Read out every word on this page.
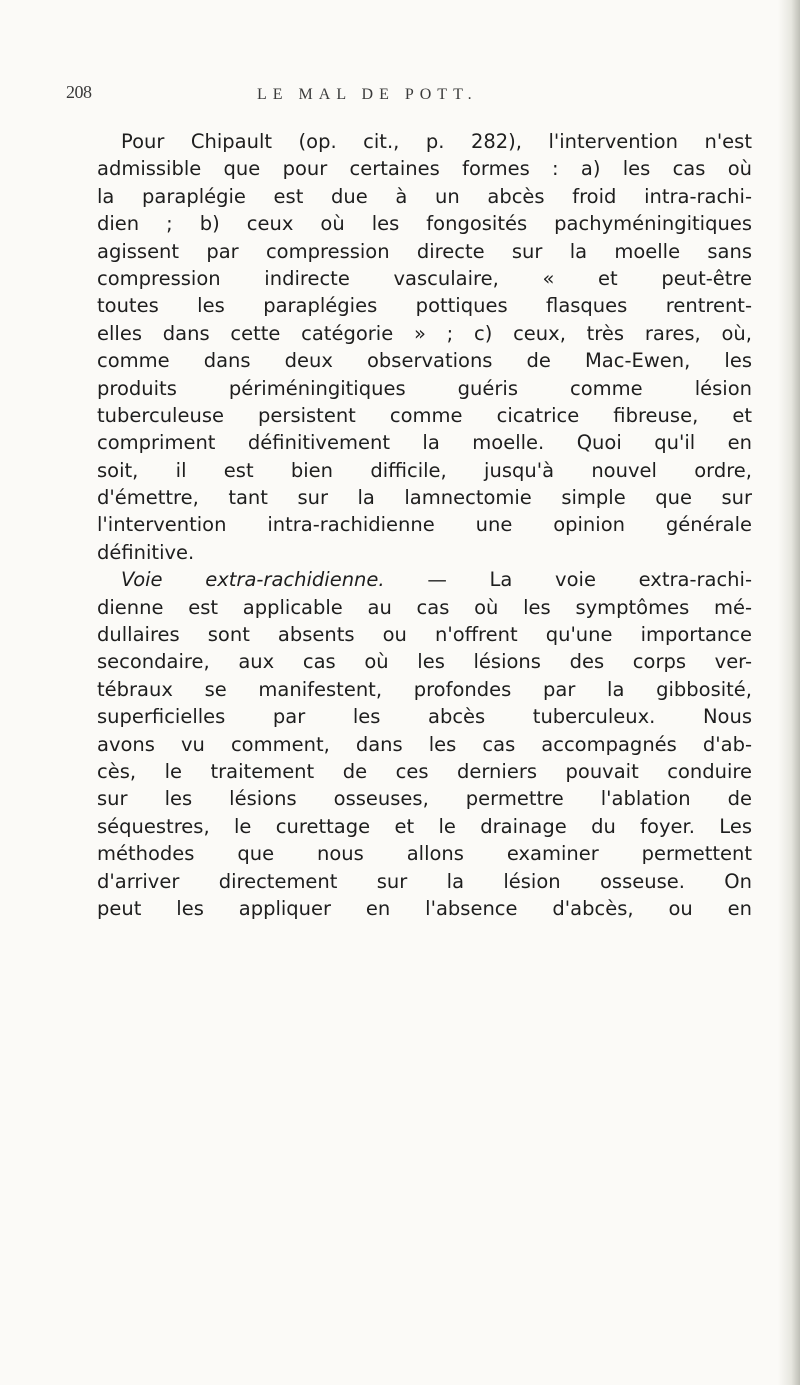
208	LE MAL DE POTT.
Pour Chipault (op. cit., p. 282), l'intervention n'est
admissible que pour certaines formes : a) les cas où
la paraplégie est due à un abcès froid intra-rachi-
dien ; b) ceux où les fongosités pachyméningitiques
agissent par compression directe sur la moelle sans
compression indirecte vasculaire, « et peut-être
toutes les paraplégies pottiques flasques rentrent-
elles dans cette catégorie » ; c) ceux, très rares, où,
comme dans deux observations de Mac-Ewen, les
produits périméningitiques guéris comme lésion
tuberculeuse persistent comme cicatrice fibreuse, et
compriment définitivement la moelle. Quoi qu'il en
soit, il est bien difficile, jusqu'à nouvel ordre,
d'émettre, tant sur la lamnectomie simple que sur
l'intervention intra-rachidienne une opinion générale
définitive.
Voie extra-rachidienne. — La voie extra-rachi-
dienne est applicable au cas où les symptômes mé-
dullaires sont absents ou n'offrent qu'une importance
secondaire, aux cas où les lésions des corps ver-
tébraux se manifestent, profondes par la gibbosité,
superficielles par les abcès tuberculeux. Nous
avons vu comment, dans les cas accompagnés d'ab-
cès, le traitement de ces derniers pouvait conduire
sur les lésions osseuses, permettre l'ablation de
séquestres, le curettage et le drainage du foyer. Les
méthodes que nous allons examiner permettent
d'arriver directement sur la lésion osseuse. On
peut les appliquer en l'absence d'abcès, ou en
